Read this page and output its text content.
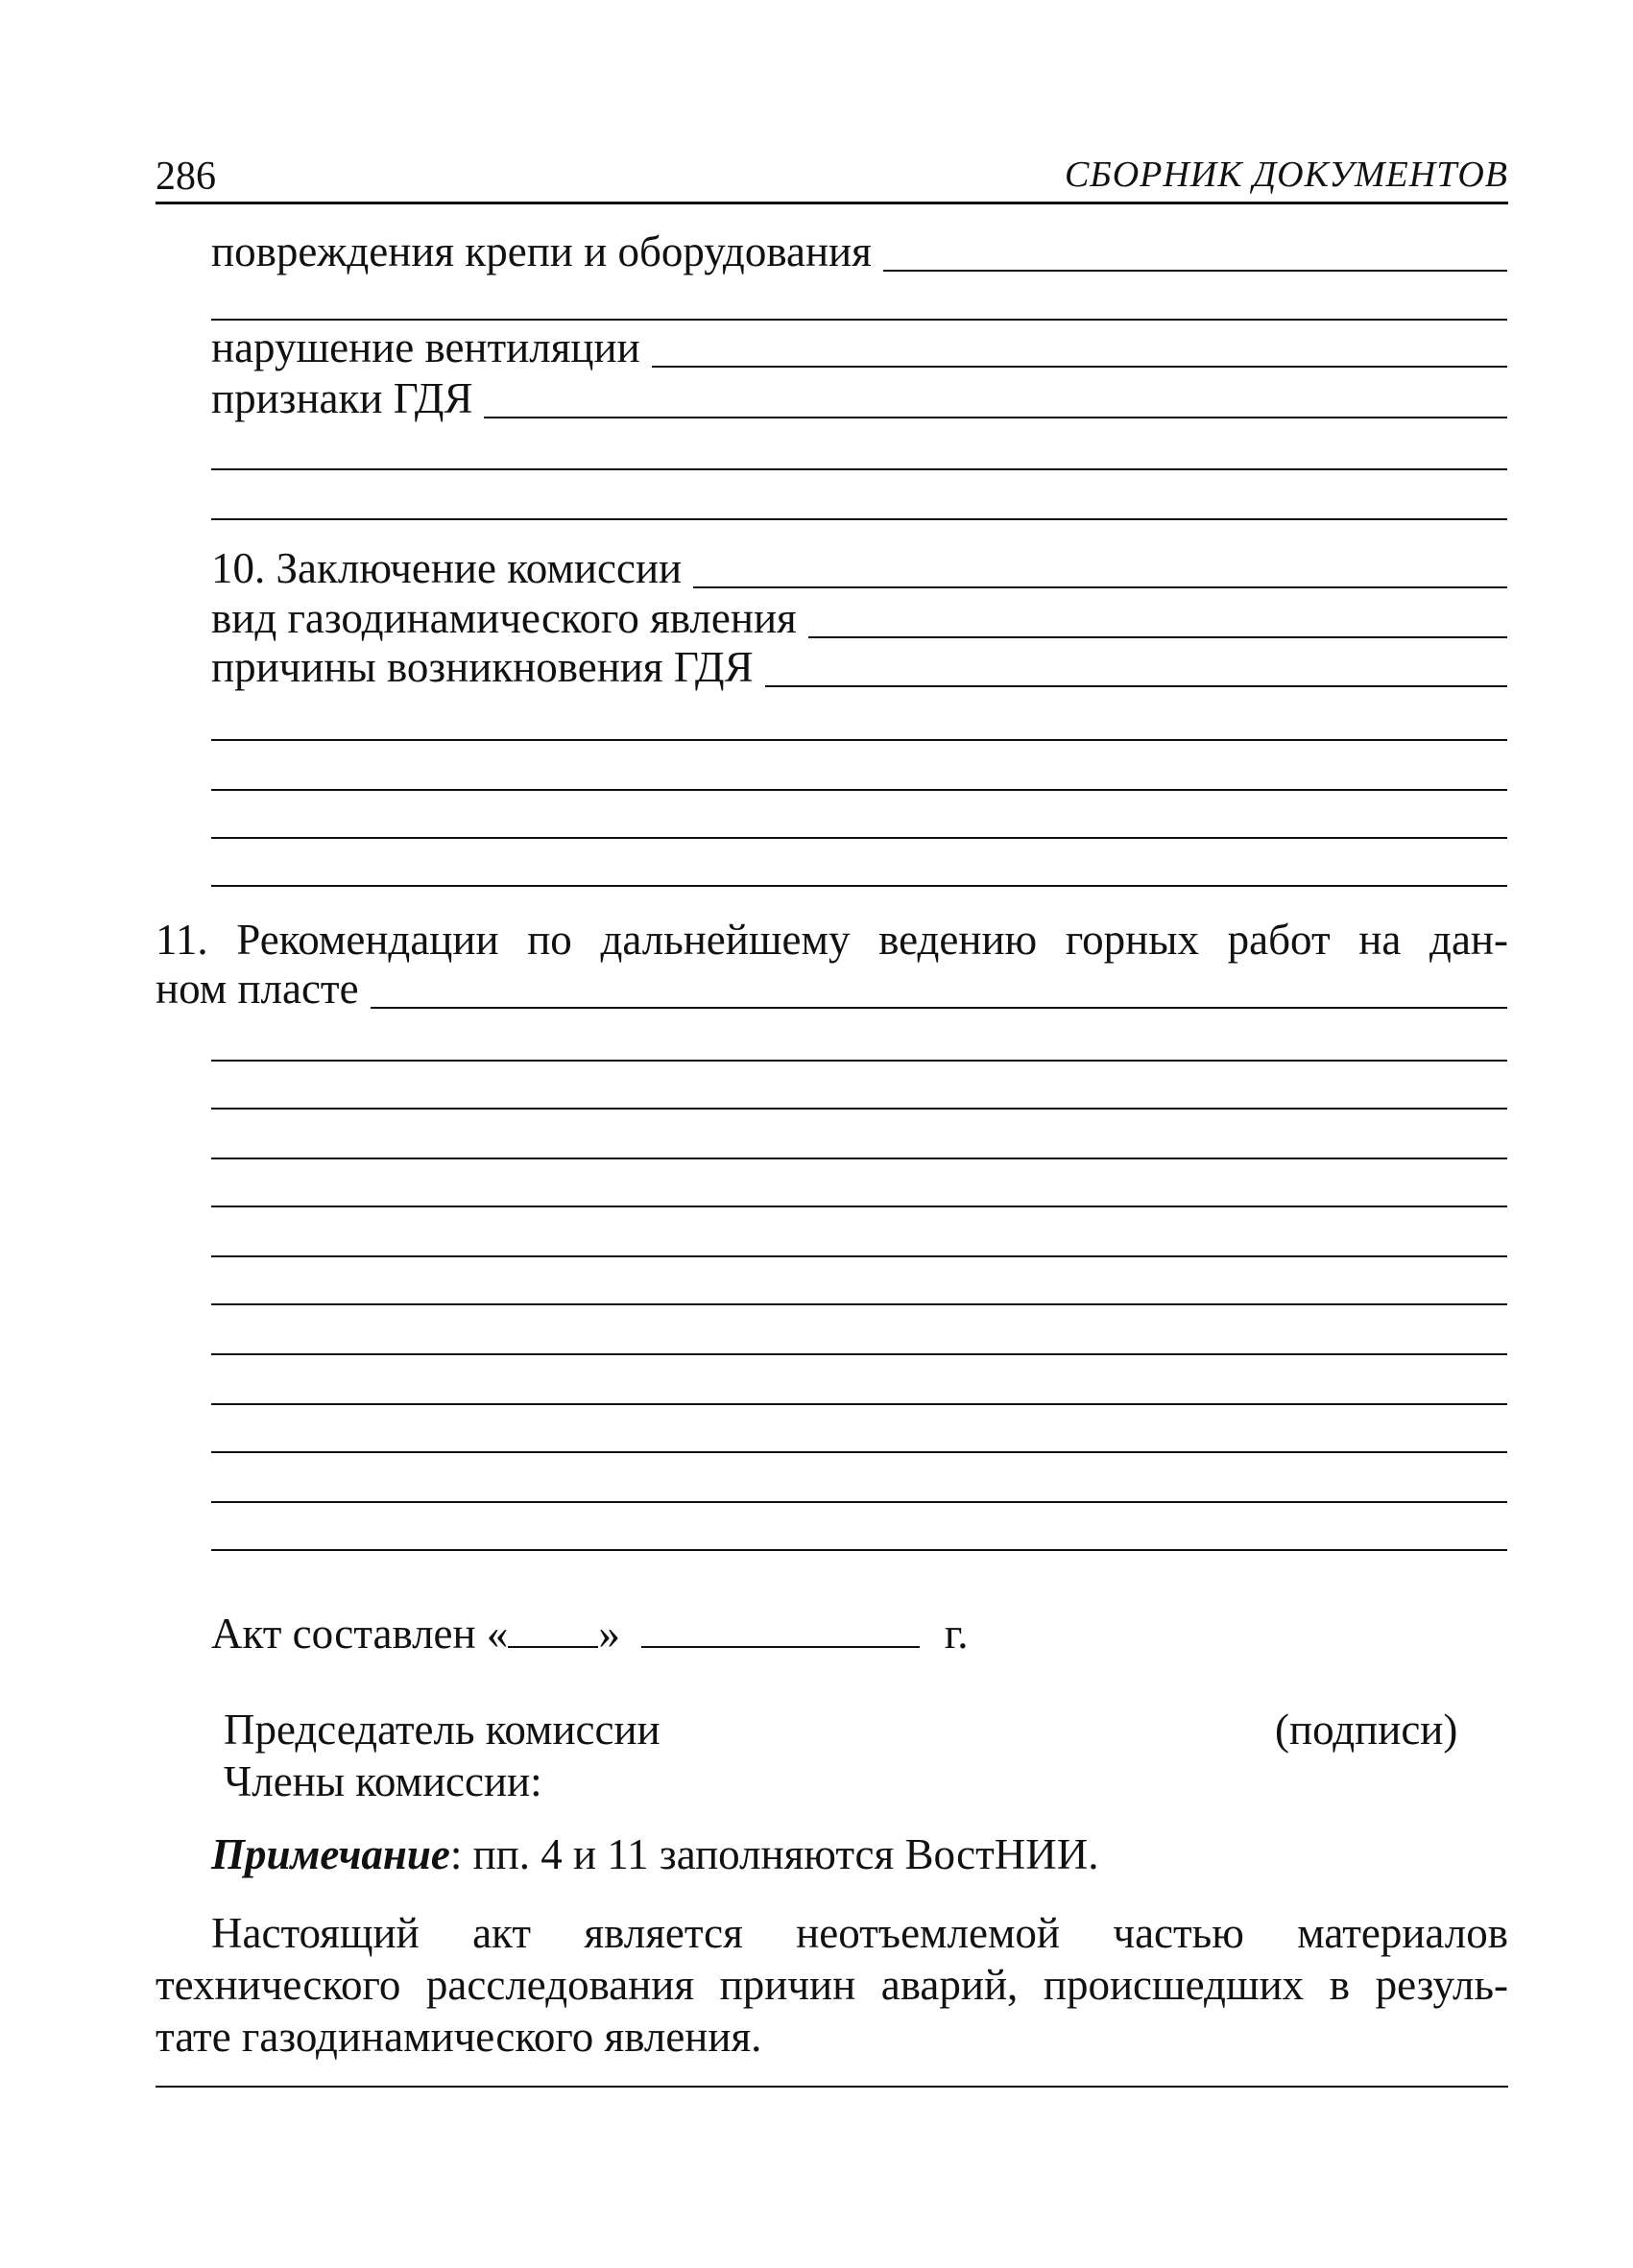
286	СБОРНИК ДОКУМЕНТОВ
повреждения крепи и оборудования
нарушение вентиляции
признаки ГДЯ
10. Заключение комиссии
вид газодинамического явления
причины возникновения ГДЯ
11. Рекомендации по дальнейшему ведению горных работ на дан-
ном пласте
Акт составлен « »	г.
Председатель комиссии	(подписи)
Члены комиссии:
Примечание: пп. 4 и 11 заполняются ВостНИИ.
Настоящий акт является неотъемлемой частью материалов
технического расследования причин аварий, происшедших в резуль-
тате газодинамического явления.
